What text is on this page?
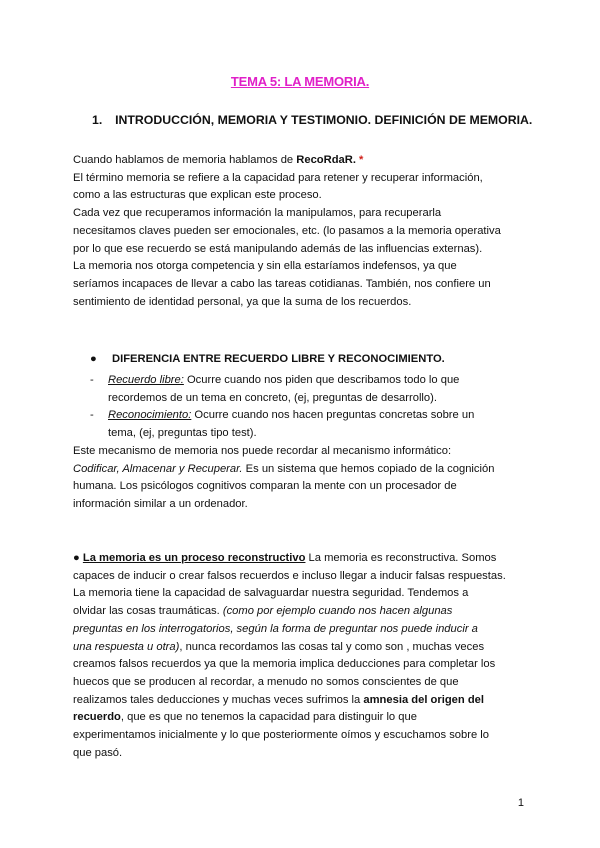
TEMA 5: LA MEMORIA.
1. INTRODUCCIÓN, MEMORIA Y TESTIMONIO. DEFINICIÓN DE MEMORIA.
Cuando hablamos de memoria hablamos de RecoRdaR. *
El término memoria se refiere a la capacidad para retener y recuperar información,
como a las estructuras que explican este proceso.
Cada vez que recuperamos información la manipulamos, para recuperarla
necesitamos claves pueden ser emocionales, etc. (lo pasamos a la memoria operativa
por lo que ese recuerdo se está manipulando además de las influencias externas).
La memoria nos otorga competencia y sin ella estaríamos indefensos, ya que
seríamos incapaces de llevar a cabo las tareas cotidianas. También, nos confiere un
sentimiento de identidad personal, ya que la suma de los recuerdos.
● DIFERENCIA ENTRE RECUERDO LIBRE Y RECONOCIMIENTO.
- Recuerdo libre: Ocurre cuando nos piden que describamos todo lo que
recordemos de un tema en concreto, (ej, preguntas de desarrollo).
- Reconocimiento: Ocurre cuando nos hacen preguntas concretas sobre un
tema, (ej, preguntas tipo test).
Este mecanismo de memoria nos puede recordar al mecanismo informático:
Codificar, Almacenar y Recuperar. Es un sistema que hemos copiado de la cognición
humana. Los psicólogos cognitivos comparan la mente con un procesador de
información similar a un ordenador.
● La memoria es un proceso reconstructivo La memoria es reconstructiva. Somos
capaces de inducir o crear falsos recuerdos e incluso llegar a inducir falsas respuestas.
La memoria tiene la capacidad de salvaguardar nuestra seguridad. Tendemos a
olvidar las cosas traumáticas. (como por ejemplo cuando nos hacen algunas
preguntas en los interrogatorios, según la forma de preguntar nos puede inducir a
una respuesta u otra), nunca recordamos las cosas tal y como son , muchas veces
creamos falsos recuerdos ya que la memoria implica deducciones para completar los
huecos que se producen al recordar, a menudo no somos conscientes de que
realizamos tales deducciones y muchas veces sufrimos la amnesia del origen del
recuerdo, que es que no tenemos la capacidad para distinguir lo que
experimentamos inicialmente y lo que posteriormente oímos y escuchamos sobre lo
que pasó.
1
